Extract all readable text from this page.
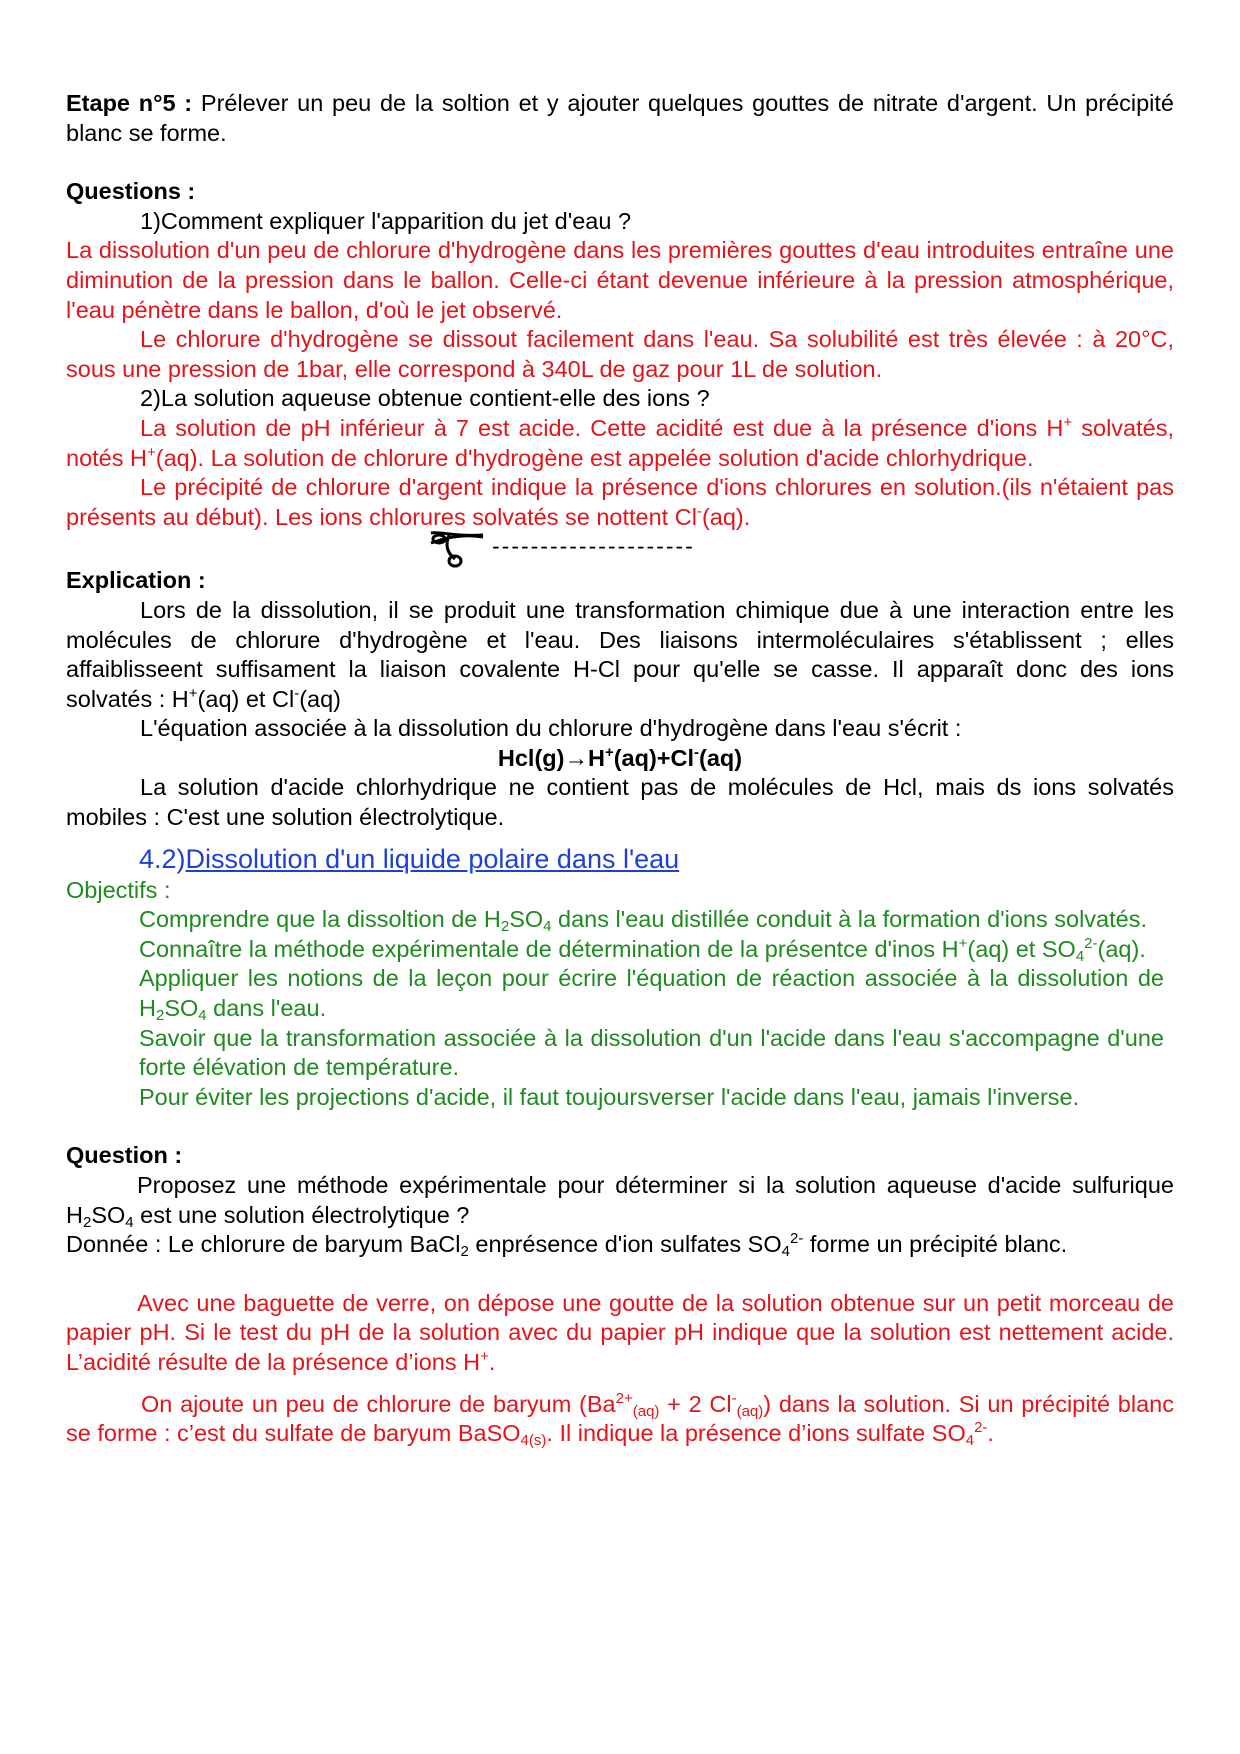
Etape n°5 : Prélever un peu de la soltion et y ajouter quelques gouttes de nitrate d'argent. Un précipité blanc se forme.

Questions :

1)Comment expliquer l'apparition du jet d'eau ?

La dissolution d'un peu de chlorure d'hydrogène dans les premières gouttes d'eau introduites entraîne une diminution de la pression dans le ballon. Celle-ci étant devenue inférieure à la pression atmosphérique, l'eau pénètre dans le ballon, d'où le jet observé.

Le chlorure d'hydrogène se dissout facilement dans l'eau. Sa solubilité est très élevée : à 20°C, sous une pression de 1bar, elle correspond à 340L de gaz pour 1L de solution.

2)La solution aqueuse obtenue contient-elle des ions ?

La solution de pH inférieur à 7 est acide. Cette acidité est due à la présence d'ions H+ solvatés, notés H+(aq). La solution de chlorure d'hydrogène est appelée solution d'acide chlorhydrique.

Le précipité de chlorure d'argent indique la présence d'ions chlorures en solution.(ils n'étaient pas présents au début). Les ions chlorures solvatés se nottent Cl-(aq).

---------------------

Explication :

Lors de la dissolution, il se produit une transformation chimique due à une interaction entre les molécules de chlorure d'hydrogène et l'eau. Des liaisons intermoléculaires s'établissent ; elles affaiblisseent suffisament la liaison covalente H-Cl pour qu'elle se casse. Il apparaît donc des ions solvatés : H+(aq) et Cl-(aq)

L'équation associée à la dissolution du chlorure d'hydrogène dans l'eau s'écrit :

Hcl(g)→H+(aq)+Cl-(aq)

La solution d'acide chlorhydrique ne contient pas de molécules de Hcl, mais ds ions solvatés mobiles : C'est une solution électrolytique.

4.2)Dissolution d'un liquide polaire dans l'eau

Objectifs :

Comprendre que la dissoltion de $H_2SO_4$ dans l'eau distillée conduit à la formation d'ions solvatés.

Connaître la méthode expérimentale de détermination de la présentce d'inos H+(aq) et $SO_4^{2-}(aq)$.

Appliquer les notions de la leçon pour écrire l'équation de réaction associée à la dissolution de $H_2SO_4$ dans l'eau.

Savoir que la transformation associée à la dissolution d'un l'acide dans l'eau s'accompagne d'une forte élévation de température.

Pour éviter les projections d'acide, il faut toujoursverser l'acide dans l'eau, jamais l'inverse.

Question :

Proposez une méthode expérimentale pour déterminer si la solution aqueuse d'acide sulfurique $H_2SO_4$ est une solution électrolytique ?

Donnée : Le chlorure de baryum BaCl$_2$ enprésence d'ion sulfates $SO_4^{2-}$ forme un précipité blanc.

Avec une baguette de verre, on dépose une goutte de la solution obtenue sur un petit morceau de papier pH. Si le test du pH de la solution avec du papier pH indique que la solution est nettement acide. L’acidité résulte de la présence d’ions H+.

On ajoute un peu de chlorure de baryum ($Ba^{2+}_{(aq)} + 2$ $Cl^-_{(aq)}$) dans la solution. Si un précipité blanc se forme : c’est du sulfate de baryum BaSO$_{4(s)}$. Il indique la présence d’ions sulfate $SO_4^{2-}$.
